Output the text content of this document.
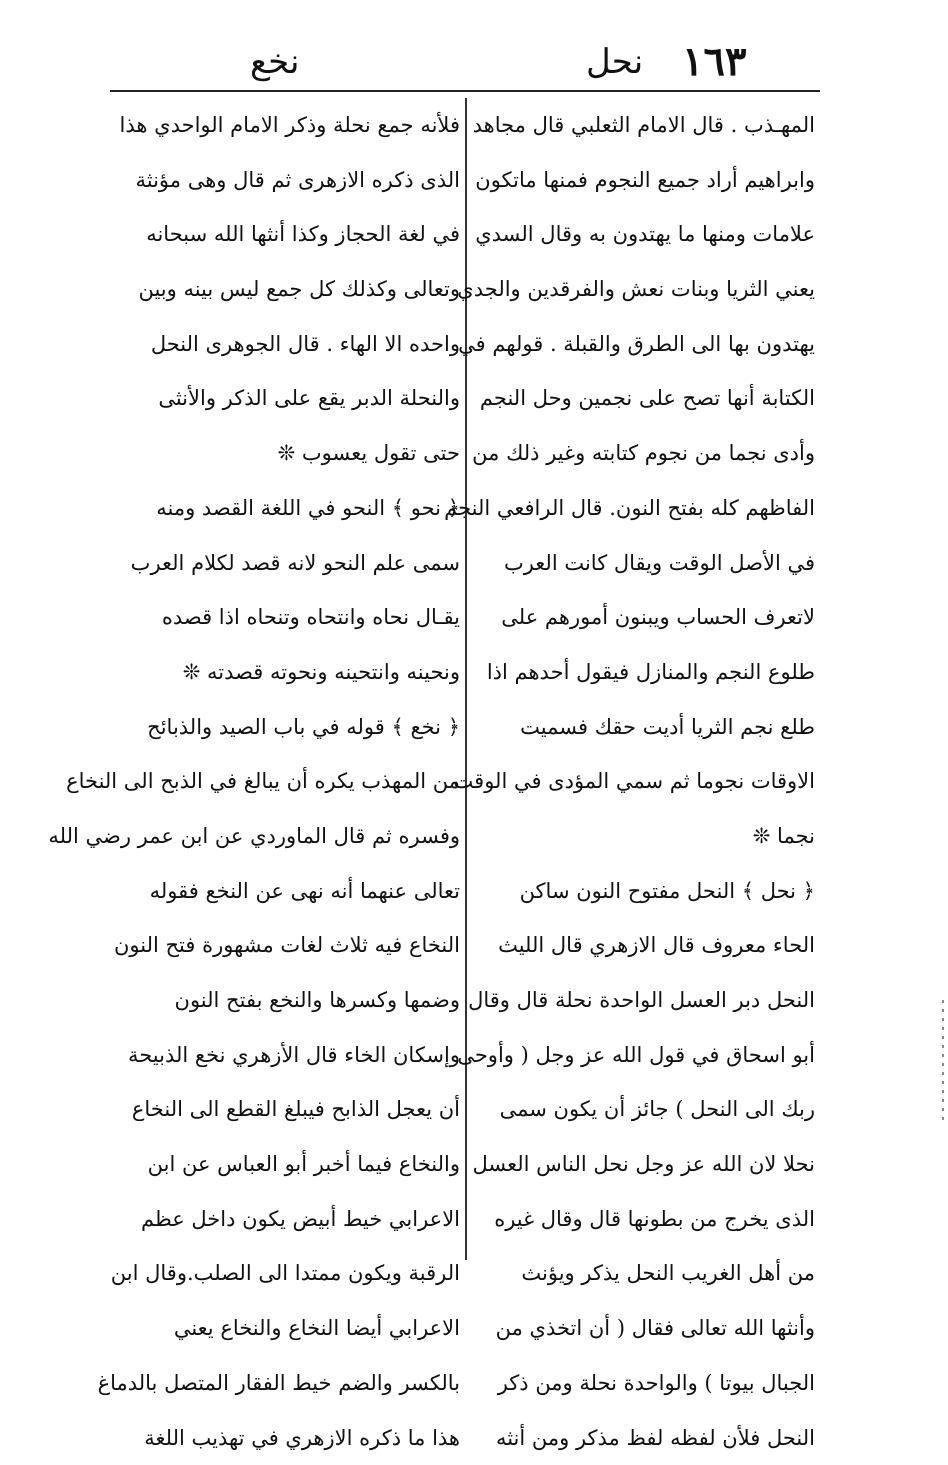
نخع	نحل ١٦٣
المهـذب . قال الامام الثعلبي قال مجاهد
وابراهيم أراد جميع النجوم فمنها ماتكون
علامات ومنها ما يهتدون به وقال السدي
يعني الثريا وبنات نعش والفرقدين والجدي
يهتدون بها الى الطرق والقبلة . قولهم في
الكتابة أنها تصح على نجمين وحل النجم
وأدى نجما من نجوم كتابته وغير ذلك من
الفاظهم كله بفتح النون. قال الرافعي النجم
في الأصل الوقت ويقال كانت العرب
لاتعرف الحساب ويبنون أمورهم على
طلوع النجم والمنازل فيقول أحدهم اذا
طلع نجم الثريا أديت حقك فسميت
الاوقات نجوما ثم سمي المؤدى في الوقت
نجما ❊
﴿ نحل ﴾ النحل مفتوح النون ساكن
الحاء معروف قال الازهري قال الليث
النحل دبر العسل الواحدة نحلة قال وقال
أبو اسحاق في قول الله عز وجل ( وأوحى
ربك الى النحل ) جائز أن يكون سمى
نحلا لان الله عز وجل نحل الناس العسل
الذى يخرج من بطونها قال وقال غيره
من أهل الغريب النحل يذكر ويؤنث
وأنثها الله تعالى فقال ( أن اتخذي من
الجبال بيوتا ) والواحدة نحلة ومن ذكر
النحل فلأن لفظه لفظ مذكر ومن أنثه
فلأنه جمع نحلة وذكر الامام الواحدي هذا
الذى ذكره الازهرى ثم قال وهى مؤنثة
في لغة الحجاز وكذا أنثها الله سبحانه
وتعالى وكذلك كل جمع ليس بينه وبين
واحده الا الهاء . قال الجوهرى النحل
والنحلة الدبر يقع على الذكر والأنثى
حتى تقول يعسوب ❊
﴿ نحو ﴾ النحو في اللغة القصد ومنه
سمى علم النحو لانه قصد لكلام العرب
يقـال نحاه وانتحاه وتنحاه اذا قصده
ونحينه وانتحينه ونحوته قصدته ❊
﴿ نخع ﴾ قوله في باب الصيد والذبائح
من المهذب يكره أن يبالغ في الذبح الى النخاع
وفسره ثم قال الماوردي عن ابن عمر رضي الله
تعالى عنهما أنه نهى عن النخع فقوله
النخاع فيه ثلاث لغات مشهورة فتح النون
وضمها وكسرها والنخع بفتح النون
وإسكان الخاء قال الأزهري نخع الذبيحة
أن يعجل الذابح فيبلغ القطع الى النخاع
والنخاع فيما أخبر أبو العباس عن ابن
الاعرابي خيط أبيض يكون داخل عظم
الرقبة ويكون ممتدا الى الصلب.وقال ابن
الاعرابي أيضا النخاع والنخاع يعني
بالكسر والضم خيط الفقار المتصل بالدماغ
هذا ما ذكره الازهري في تهذيب اللغة
